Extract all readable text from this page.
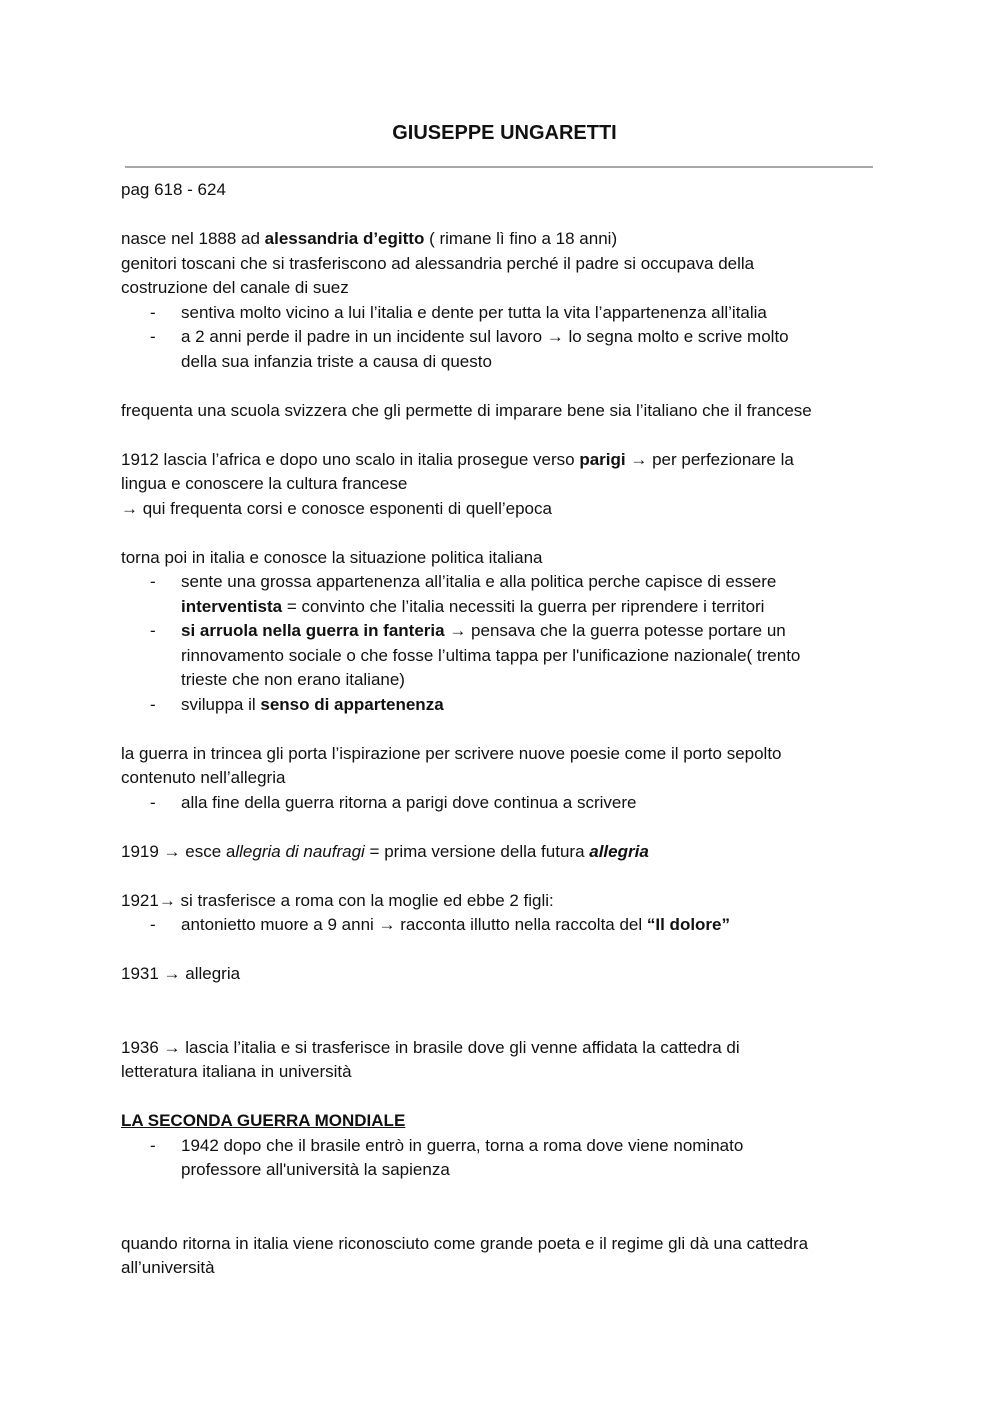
GIUSEPPE UNGARETTI
pag 618 - 624
nasce nel 1888 ad alessandria d’egitto ( rimane lì fino a 18 anni)
genitori toscani che si trasferiscono ad alessandria perché il padre si occupava della
costruzione del canale di suez
- sentiva molto vicino a lui l’italia e dente per tutta la vita l’appartenenza all’italia
- a 2 anni perde il padre in un incidente sul lavoro → lo segna molto e scrive molto
della sua infanzia triste a causa di questo
frequenta una scuola svizzera che gli permette di imparare bene sia l’italiano che il francese
1912 lascia l’africa e dopo uno scalo in italia prosegue verso parigi → per perfezionare la
lingua e conoscere la cultura francese
→ qui frequenta corsi e conosce esponenti di quell’epoca
torna poi in italia e conosce la situazione politica italiana
- sente una grossa appartenenza all’italia e alla politica perche capisce di essere
interventista = convinto che l’italia necessiti la guerra per riprendere i territori
- si arruola nella guerra in fanteria → pensava che la guerra potesse portare un
rinnovamento sociale o che fosse l’ultima tappa per l'unificazione nazionale( trento
trieste che non erano italiane)
- sviluppa il senso di appartenenza
la guerra in trincea gli porta l’ispirazione per scrivere nuove poesie come il porto sepolto
contenuto nell’allegria
- alla fine della guerra ritorna a parigi dove continua a scrivere
1919 → esce allegria di naufragi = prima versione della futura allegria
1921→ si trasferisce a roma con la moglie ed ebbe 2 figli:
- antonietto muore a 9 anni → racconta illutto nella raccolta del “Il dolore”
1931 → allegria
1936 → lascia l’italia e si trasferisce in brasile dove gli venne affidata la cattedra di
letteratura italiana in università
LA SECONDA GUERRA MONDIALE
- 1942 dopo che il brasile entrò in guerra, torna a roma dove viene nominato
professore all'università la sapienza
quando ritorna in italia viene riconosciuto come grande poeta e il regime gli dà una cattedra
all’università
